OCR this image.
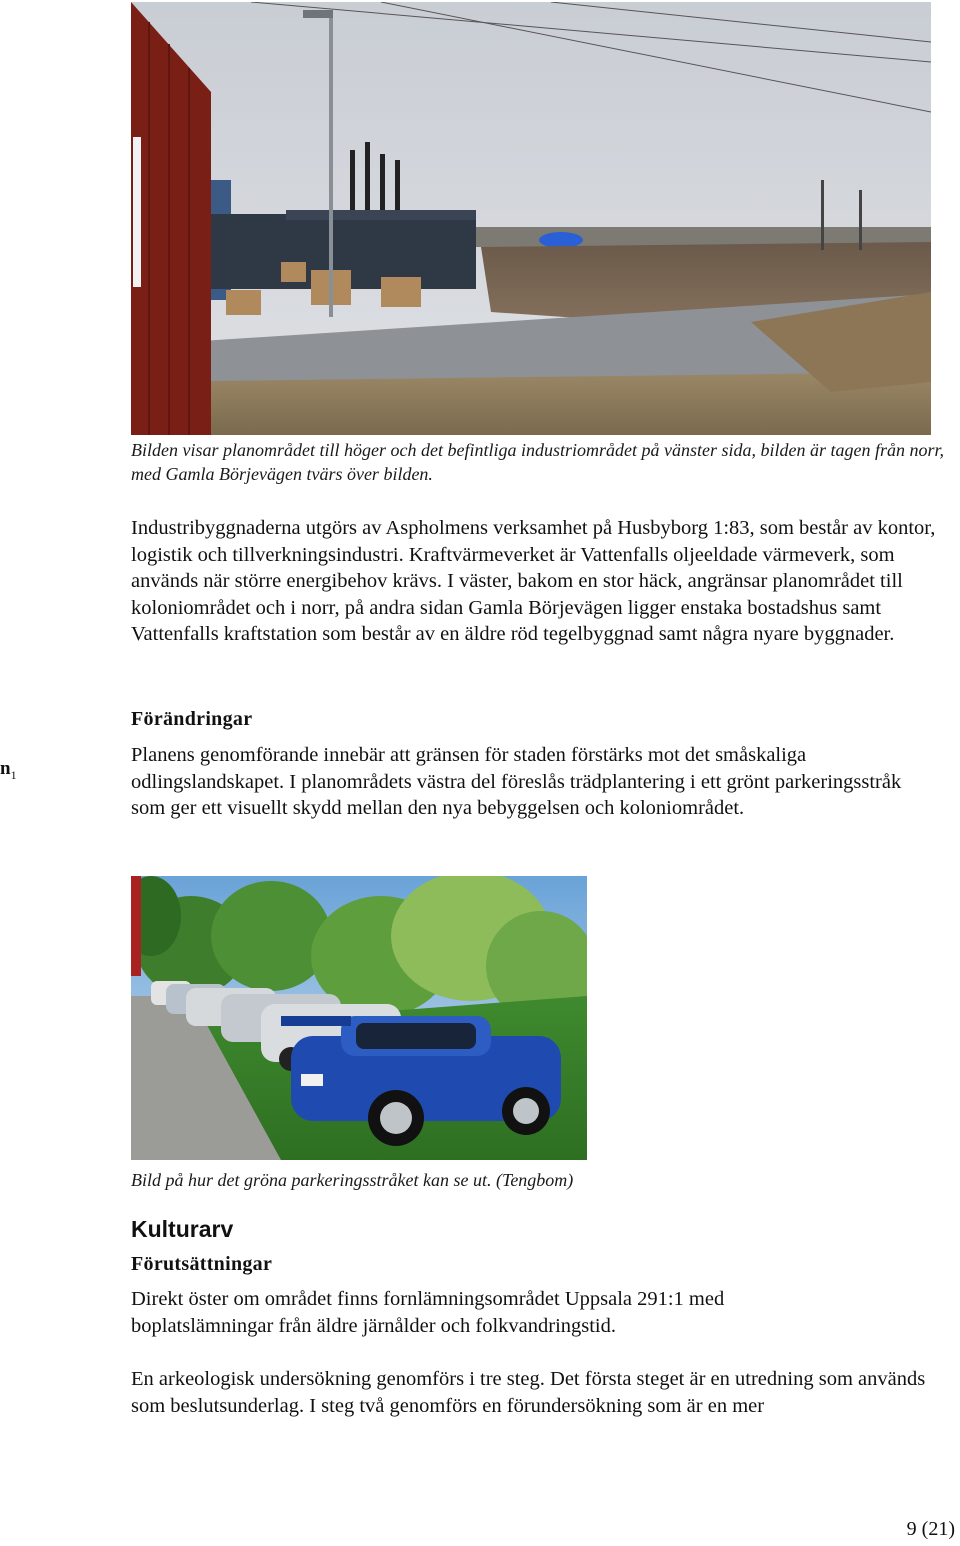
Bilden visar planområdet till höger och det befintliga industriområdet på vänster sida, bilden är tagen från norr, med Gamla Börjevägen tvärs över bilden.
Industribyggnaderna utgörs av Aspholmens verksamhet på Husbyborg 1:83, som består av kontor, logistik och tillverkningsindustri. Kraftvärmeverket är Vattenfalls oljeeldade värmeverk, som används när större energibehov krävs. I väster, bakom en stor häck, angränsar planområdet till koloniområdet och i norr, på andra sidan Gamla Börjevägen ligger enstaka bostadshus samt Vattenfalls kraftstation som består av en äldre röd tegelbyggnad samt några nyare byggnader.
$n_1$
Förändringar
Planens genomförande innebär att gränsen för staden förstärks mot det småskaliga odlingslandskapet. I planområdets västra del föreslås trädplantering i ett grönt parkeringsstråk som ger ett visuellt skydd mellan den nya bebyggelsen och koloniområdet.
Bild på hur det gröna parkeringsstråket kan se ut. (Tengbom)
Kulturarv
Förutsättningar
Direkt öster om området finns fornlämningsområdet Uppsala 291:1 med boplatslämningar från äldre järnålder och folkvandringstid.
En arkeologisk undersökning genomförs i tre steg. Det första steget är en utredning som används som beslutsunderlag. I steg två genomförs en förundersökning som är en mer
9 (21)
